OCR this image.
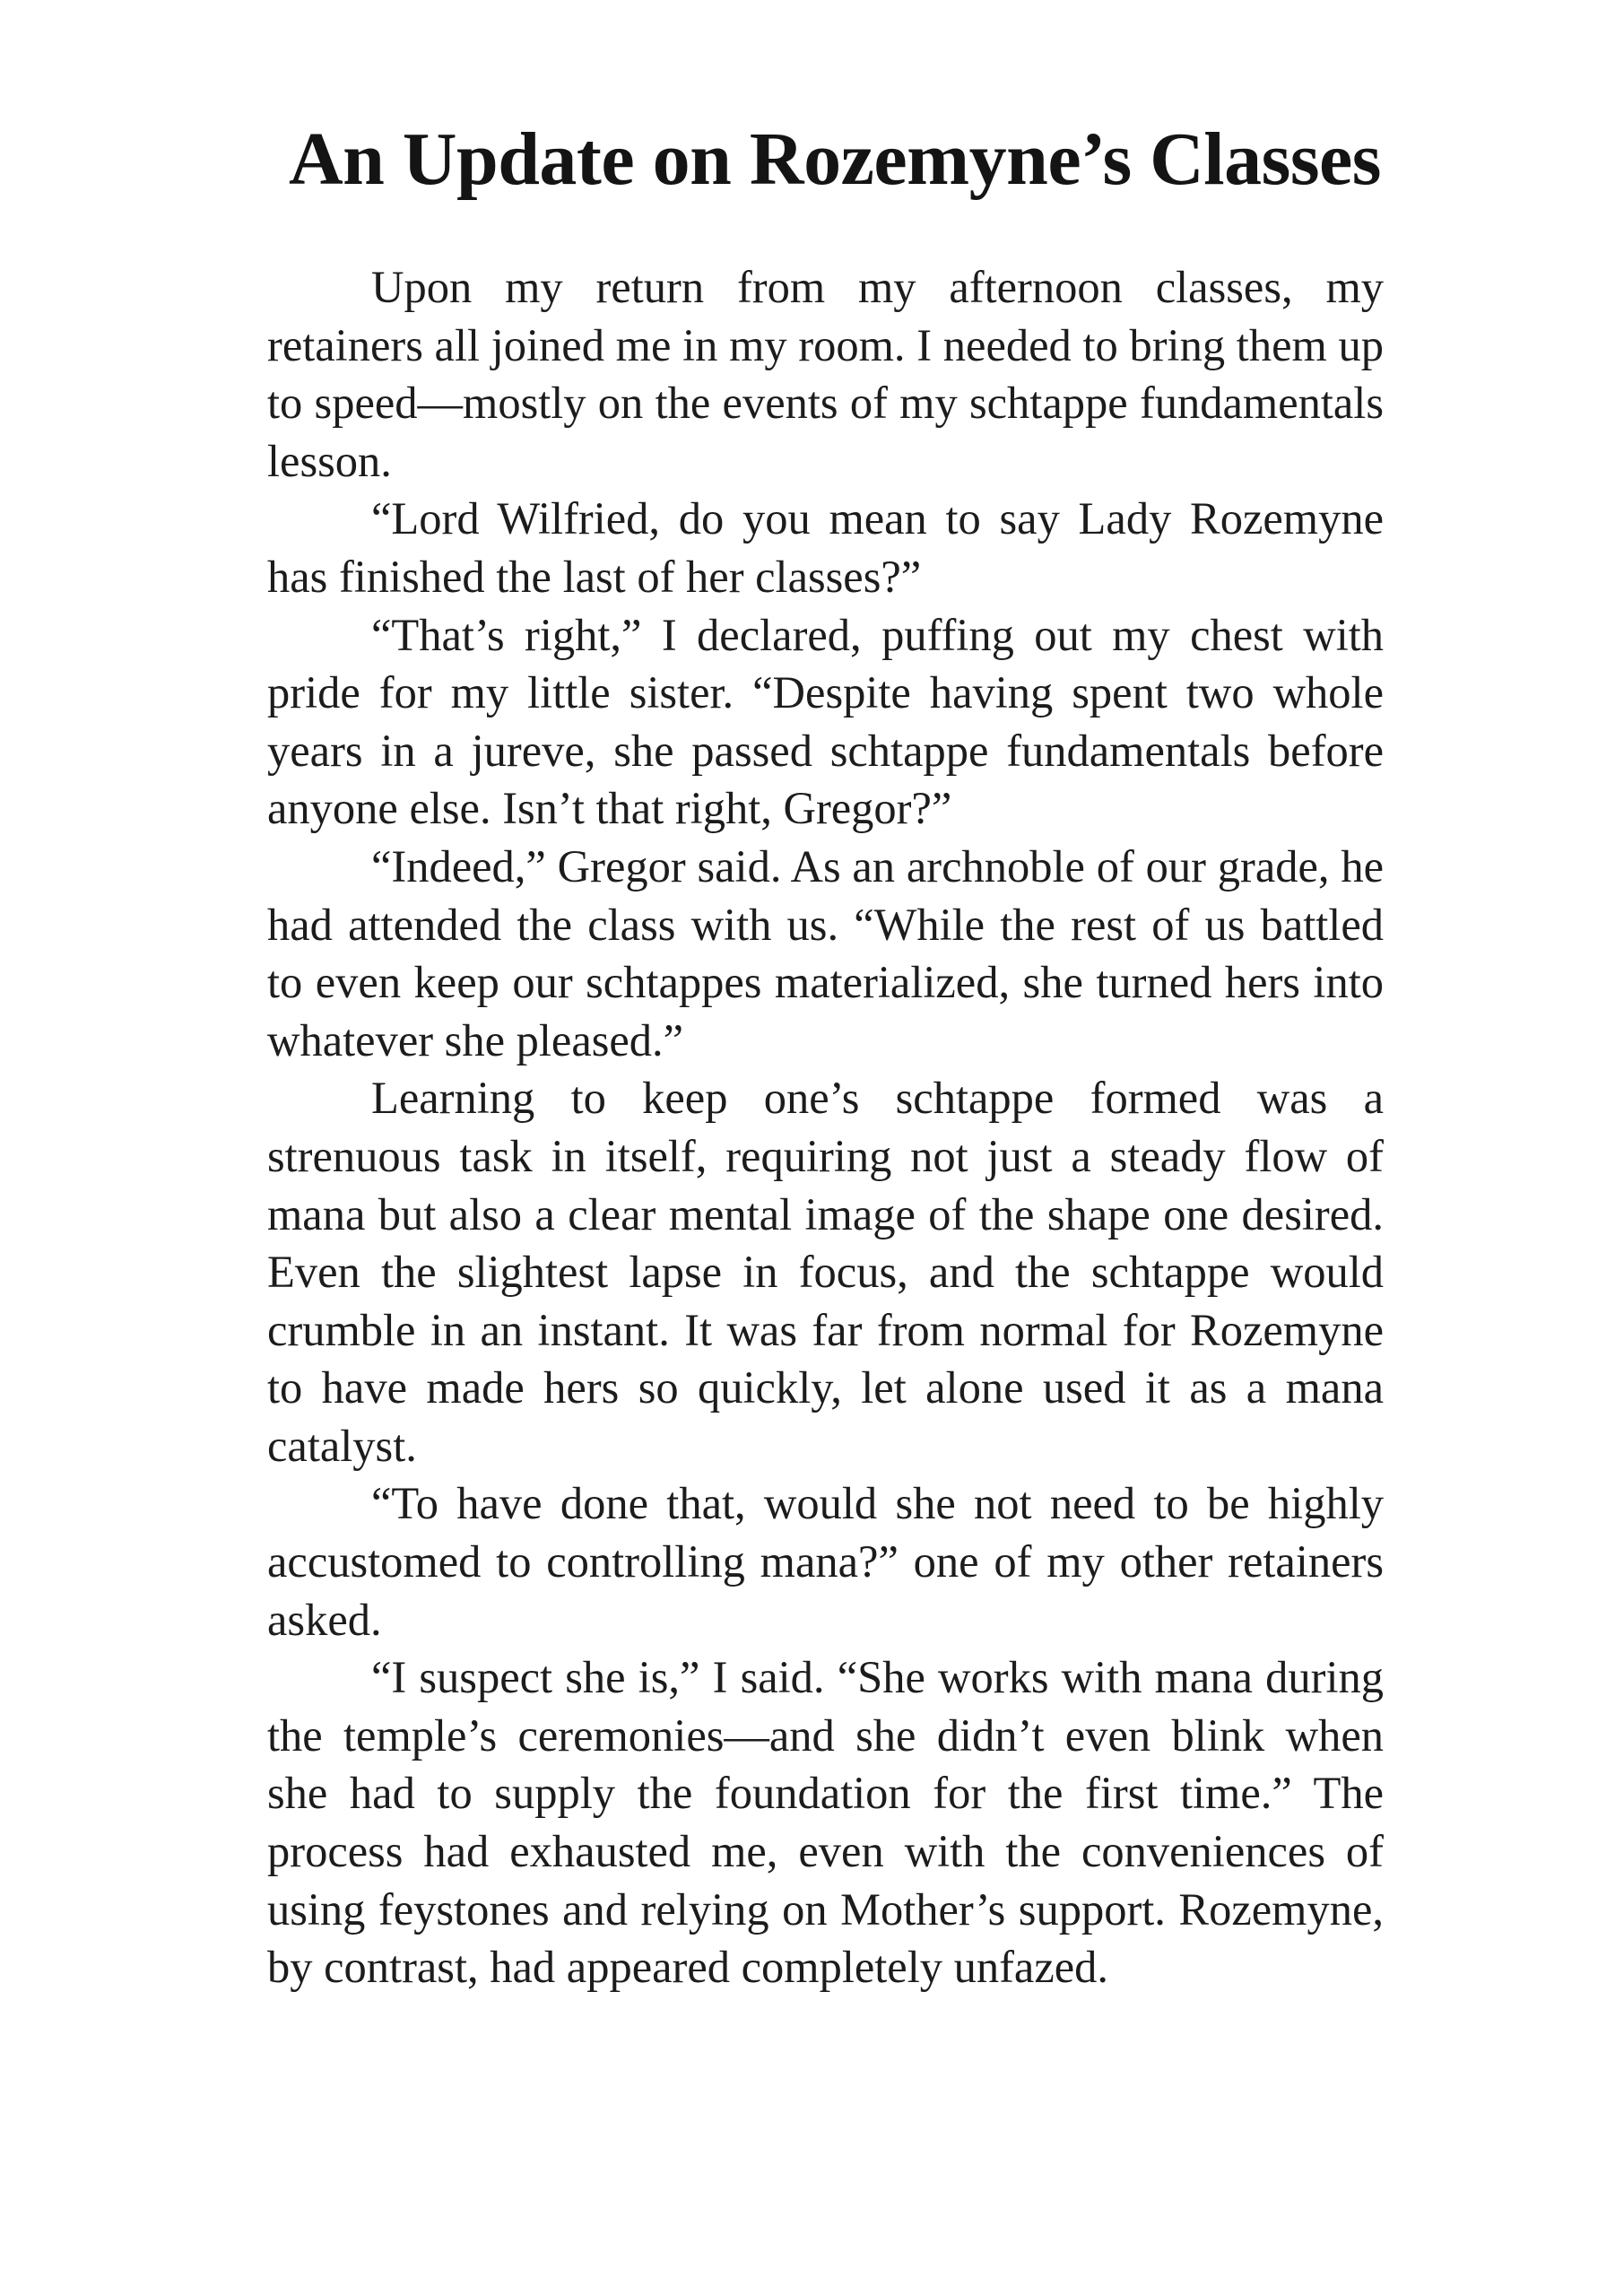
An Update on Rozemyne’s Classes

Upon my return from my afternoon classes, my retainers all joined me in my room. I needed to bring them up to speed—mostly on the events of my schtappe fundamentals lesson.

“Lord Wilfried, do you mean to say Lady Rozemyne has finished the last of her classes?”

“That’s right,” I declared, puffing out my chest with pride for my little sister. “Despite having spent two whole years in a jureve, she passed schtappe fundamentals before anyone else. Isn’t that right, Gregor?”

“Indeed,” Gregor said. As an archnoble of our grade, he had attended the class with us. “While the rest of us battled to even keep our schtappes materialized, she turned hers into whatever she pleased.”

Learning to keep one’s schtappe formed was a strenuous task in itself, requiring not just a steady flow of mana but also a clear mental image of the shape one desired. Even the slightest lapse in focus, and the schtappe would crumble in an instant. It was far from normal for Rozemyne to have made hers so quickly, let alone used it as a mana catalyst.

“To have done that, would she not need to be highly accustomed to controlling mana?” one of my other retainers asked.

“I suspect she is,” I said. “She works with mana during the temple’s ceremonies—and she didn’t even blink when she had to supply the foundation for the first time.” The process had exhausted me, even with the conveniences of using feystones and relying on Mother’s support. Rozemyne, by contrast, had appeared completely unfazed.
